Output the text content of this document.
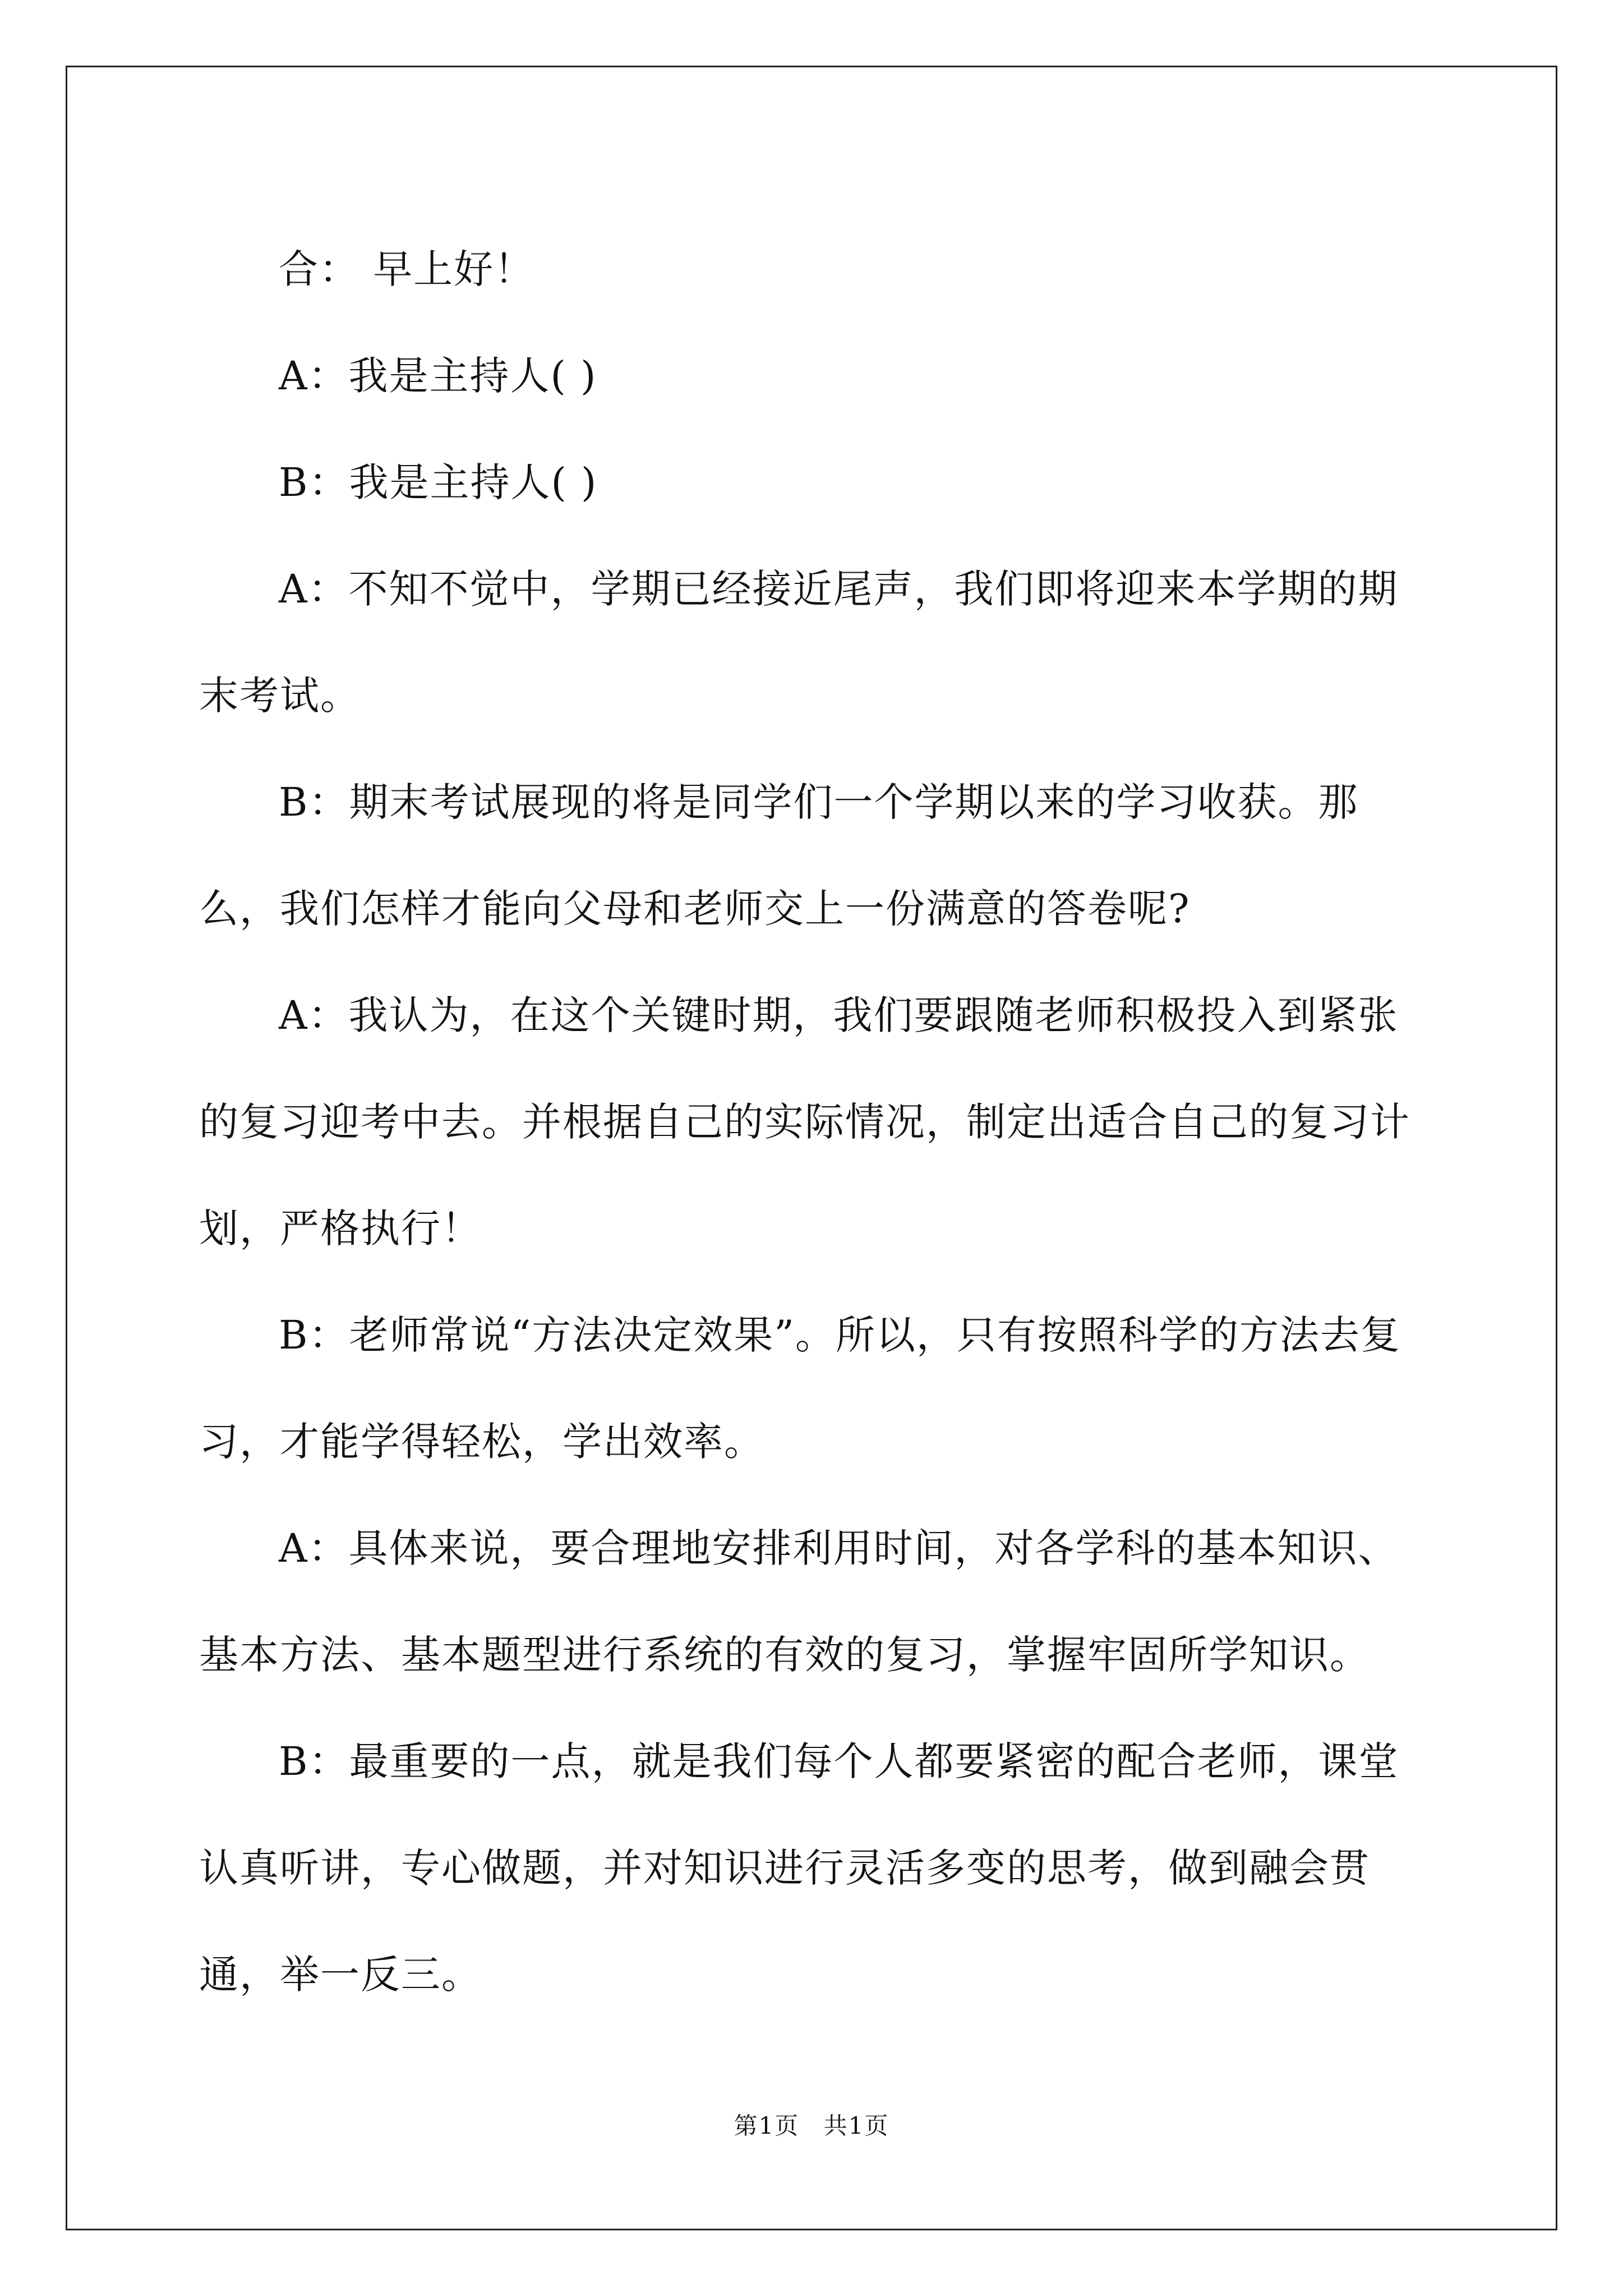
合： 早上好！

A：我是主持人( )

B：我是主持人( )

A：不知不觉中，学期已经接近尾声，我们即将迎来本学期的期末考试。

B：期末考试展现的将是同学们一个学期以来的学习收获。那么，我们怎样才能向父母和老师交上一份满意的答卷呢?

A：我认为，在这个关键时期，我们要跟随老师积极投入到紧张的复习迎考中去。并根据自己的实际情况，制定出适合自己的复习计划，严格执行！

B：老师常说“方法决定效果”。所以，只有按照科学的方法去复习，才能学得轻松，学出效率。

A：具体来说，要合理地安排利用时间，对各学科的基本知识、基本方法、基本题型进行系统的有效的复习，掌握牢固所学知识。

B：最重要的一点，就是我们每个人都要紧密的配合老师，课堂认真听讲，专心做题，并对知识进行灵活多变的思考，做到融会贯通，举一反三。

第1页 共1页
